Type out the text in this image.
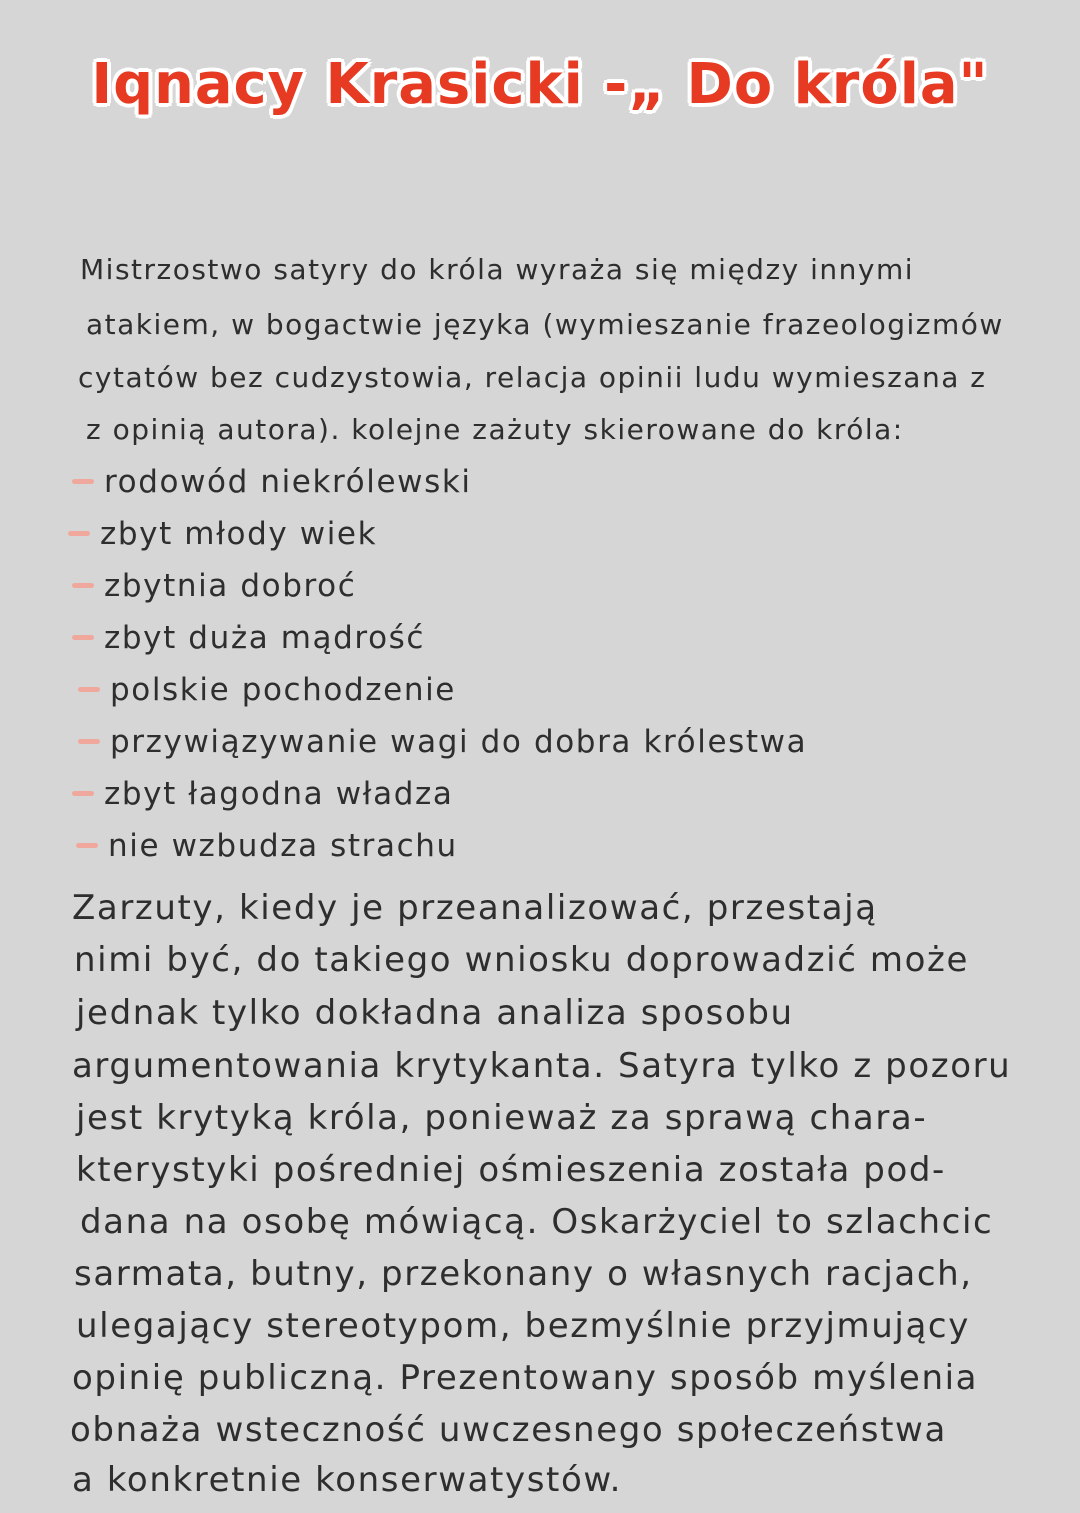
Iqnacy Krasicki -„ Do króla"
Mistrzostwo satyry do króla wyraża się między innymi
atakiem, w bogactwie języka (wymieszanie frazeologizmów
cytatów bez cudzystowia, relacja opinii ludu wymieszana z
z opinią autora). kolejne zażuty skierowane do króla:
rodowód niekrólewski
zbyt młody wiek
zbytnia dobroć
zbyt duża mądrość
polskie pochodzenie
przywiązywanie wagi do dobra królestwa
zbyt łagodna władza
nie wzbudza strachu
Zarzuty, kiedy je przeanalizować, przestają
nimi być, do takiego wniosku doprowadzić może
jednak tylko dokładna analiza sposobu
argumentowania krytykanta. Satyra tylko z pozoru
jest krytyką króla, ponieważ za sprawą chara-
kterystyki pośredniej ośmieszenia została pod-
dana na osobę mówiącą. Oskarżyciel to szlachcic
sarmata, butny, przekonany o własnych racjach,
ulegający stereotypom, bezmyślnie przyjmujący
opinię publiczną. Prezentowany sposób myślenia
obnaża wsteczność uwczesnego społeczeństwa
a konkretnie konserwatystów.
